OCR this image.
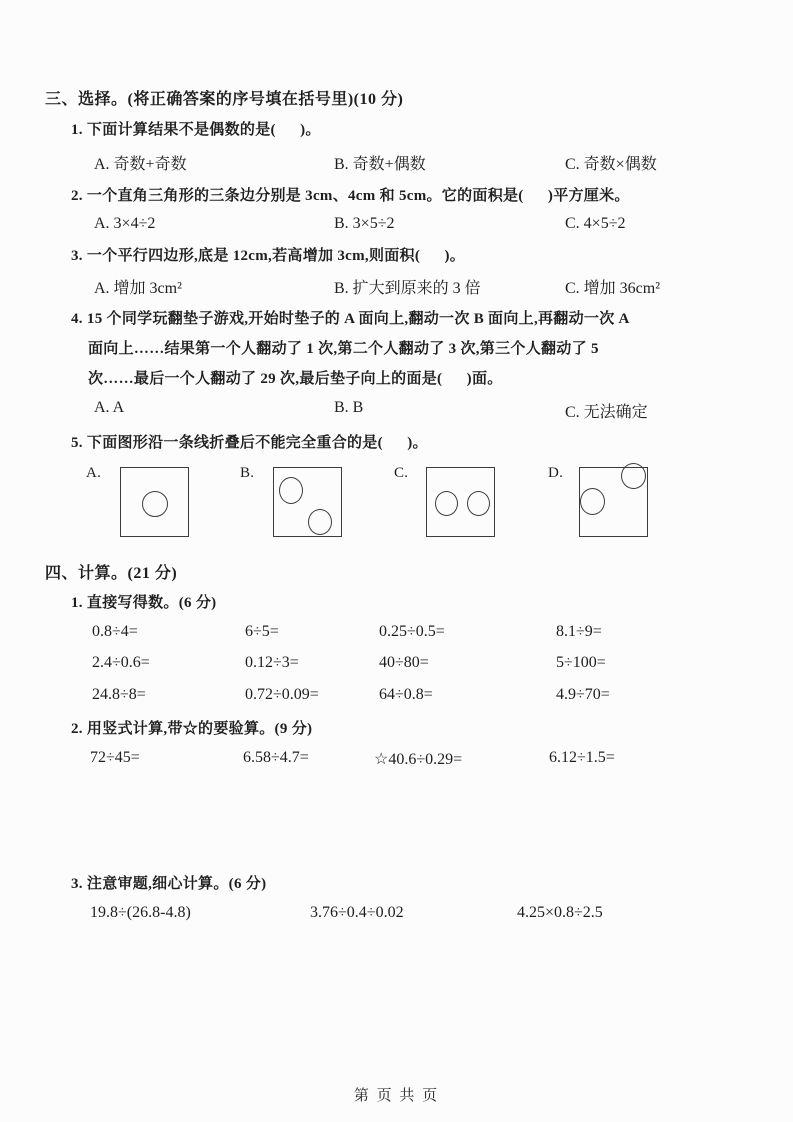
三、选择。(将正确答案的序号填在括号里)(10 分)
1. 下面计算结果不是偶数的是(      )。
A. 奇数+奇数	B. 奇数+偶数	C. 奇数×偶数
2. 一个直角三角形的三条边分别是 3cm、4cm 和 5cm。它的面积是(      )平方厘米。
A. 3×4÷2	B. 3×5÷2	C. 4×5÷2
3. 一个平行四边形,底是 12cm,若高增加 3cm,则面积(      )。
A. 增加 3cm²	B. 扩大到原来的 3 倍	C. 增加 36cm²
4. 15 个同学玩翻垫子游戏,开始时垫子的 A 面向上,翻动一次 B 面向上,再翻动一次 A
面向上……结果第一个人翻动了 1 次,第二个人翻动了 3 次,第三个人翻动了 5
次……最后一个人翻动了 29 次,最后垫子向上的面是(      )面。
A. A	B. B	C. 无法确定
5. 下面图形沿一条线折叠后不能完全重合的是(      )。
A.	B.	C.	D.
四、计算。(21 分)
1. 直接写得数。(6 分)
0.8÷4=	6÷5=	0.25÷0.5=	8.1÷9=
2.4÷0.6=	0.12÷3=	40÷80=	5÷100=
24.8÷8=	0.72÷0.09=	64÷0.8=	4.9÷70=
2. 用竖式计算,带☆的要验算。(9 分)
72÷45=	6.58÷4.7=	☆40.6÷0.29=	6.12÷1.5=
3. 注意审题,细心计算。(6 分)
19.8÷(26.8-4.8)	3.76÷0.4÷0.02	4.25×0.8÷2.5
第 页 共 页
